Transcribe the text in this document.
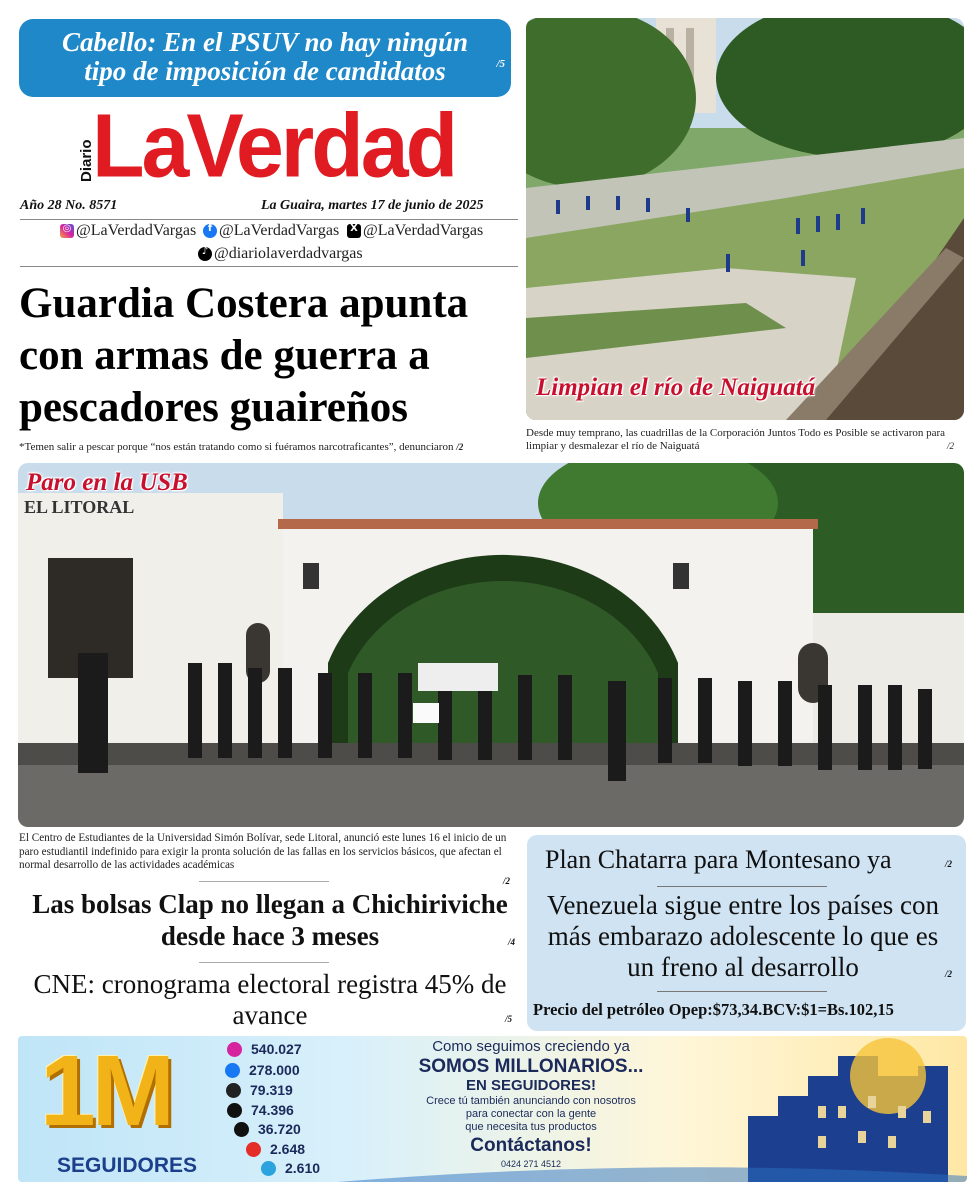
Cabello: En el PSUV no hay ningún tipo de imposición de candidatos	/5
Diario
LaVerdad
Año 28 No. 8571	La Guaira, martes 17 de junio de 2025
◎ @LaVerdadVargas	f @LaVerdadVargas	X @LaVerdadVargas
♪ @diariolaverdadvargas
Guardia Costera apunta con armas de guerra a pescadores guaireños
*Temen salir a pescar porque “nos están tratando como si fuéramos narcotraficantes”, denunciaron /2
Limpian el río de Naiguatá
Desde muy temprano, las cuadrillas de la Corporación Juntos Todo es Posible se activaron para limpiar y desmalezar el río de Naiguatá	/2
EL LITORAL
Paro en la USB
El Centro de Estudiantes de la Universidad Simón Bolívar, sede Litoral, anunció este lunes 16 el inicio de un paro estudiantil indefinido para exigir la pronta solución de las fallas en los servicios básicos, que afectan el normal desarrollo de las actividades académicas
/2
Las bolsas Clap no llegan a Chichiriviche desde hace 3 meses	/4
CNE: cronograma electoral registra 45% de avance	/5
Plan Chatarra para Montesano ya	/2
Venezuela sigue entre los países con más embarazo adolescente lo que es un freno al desarrollo	/2
Precio del petróleo Opep:$73,34.BCV:$1=Bs.102,15
1M
SEGUIDORES
540.027
278.000
79.319
74.396
36.720
2.648
2.610
Como seguimos creciendo ya
SOMOS MILLONARIOS...
EN SEGUIDORES!
Crece tú también anunciando con nosotros
para conectar con la gente
que necesita tus productos
Contáctanos!
0424 271 4512
